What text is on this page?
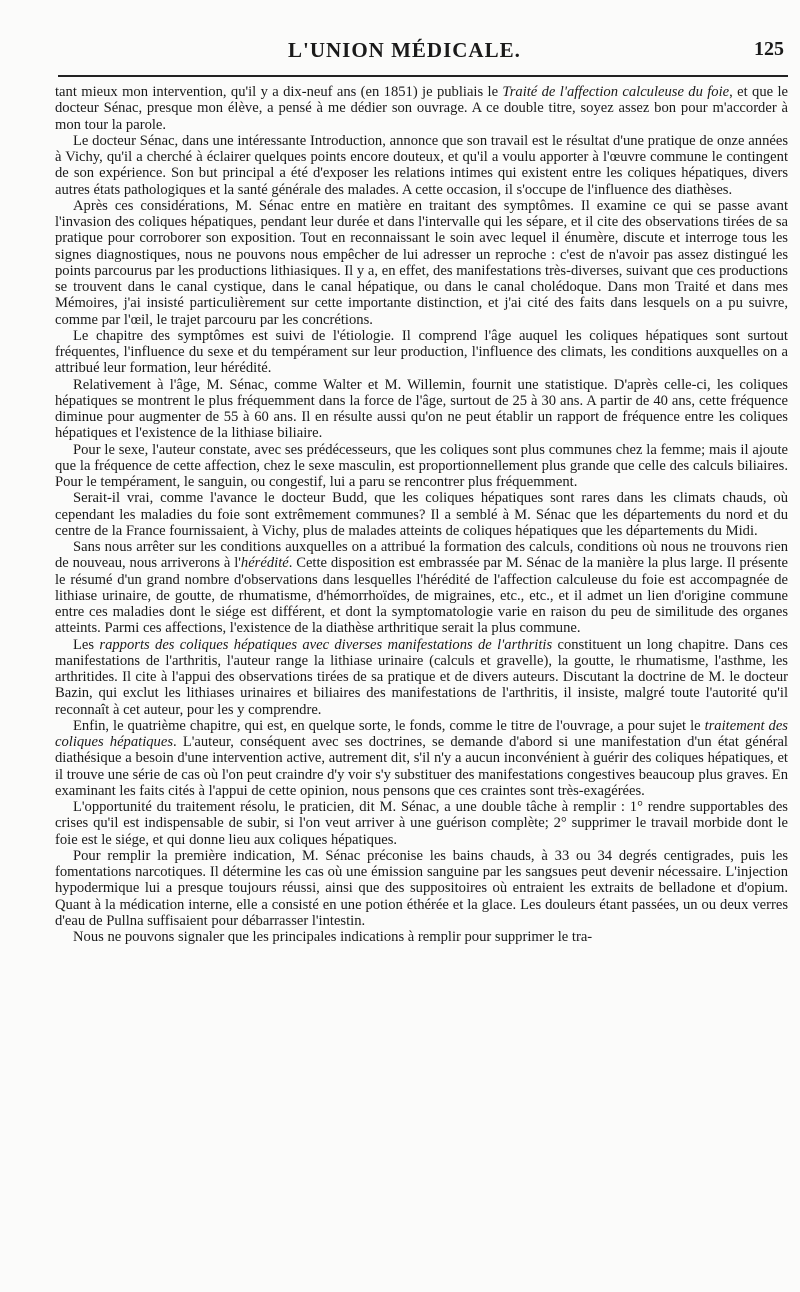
L'UNION MÉDICALE.	125

tant mieux mon intervention, qu'il y a dix-neuf ans (en 1851) je publiais le Traité de l'affection calculeuse du foie, et que le docteur Sénac, presque mon élève, a pensé à me dédier son ouvrage. A ce double titre, soyez assez bon pour m'accorder à mon tour la parole.

Le docteur Sénac, dans une intéressante Introduction, annonce que son travail est le résultat d'une pratique de onze années à Vichy, qu'il a cherché à éclairer quelques points encore douteux, et qu'il a voulu apporter à l'œuvre commune le contingent de son expérience. Son but principal a été d'exposer les relations intimes qui existent entre les coliques hépatiques, divers autres états pathologiques et la santé générale des malades. A cette occasion, il s'occupe de l'influence des diathèses.

Après ces considérations, M. Sénac entre en matière en traitant des symptômes. Il examine ce qui se passe avant l'invasion des coliques hépatiques, pendant leur durée et dans l'intervalle qui les sépare, et il cite des observations tirées de sa pratique pour corroborer son exposition. Tout en reconnaissant le soin avec lequel il énumère, discute et interroge tous les signes diagnostiques, nous ne pouvons nous empêcher de lui adresser un reproche : c'est de n'avoir pas assez distingué les points parcourus par les productions lithiasiques. Il y a, en effet, des manifestations très-diverses, suivant que ces productions se trouvent dans le canal cystique, dans le canal hépatique, ou dans le canal cholédoque. Dans mon Traité et dans mes Mémoires, j'ai insisté particulièrement sur cette importante distinction, et j'ai cité des faits dans lesquels on a pu suivre, comme par l'œil, le trajet parcouru par les concrétions.

Le chapitre des symptômes est suivi de l'étiologie. Il comprend l'âge auquel les coliques hépatiques sont surtout fréquentes, l'influence du sexe et du tempérament sur leur production, l'influence des climats, les conditions auxquelles on a attribué leur formation, leur hérédité.

Relativement à l'âge, M. Sénac, comme Walter et M. Willemin, fournit une statistique. D'après celle-ci, les coliques hépatiques se montrent le plus fréquemment dans la force de l'âge, surtout de 25 à 30 ans. A partir de 40 ans, cette fréquence diminue pour augmenter de 55 à 60 ans. Il en résulte aussi qu'on ne peut établir un rapport de fréquence entre les coliques hépatiques et l'existence de la lithiase biliaire.

Pour le sexe, l'auteur constate, avec ses prédécesseurs, que les coliques sont plus communes chez la femme; mais il ajoute que la fréquence de cette affection, chez le sexe masculin, est proportionnellement plus grande que celle des calculs biliaires. Pour le tempérament, le sanguin, ou congestif, lui a paru se rencontrer plus fréquemment.

Serait-il vrai, comme l'avance le docteur Budd, que les coliques hépatiques sont rares dans les climats chauds, où cependant les maladies du foie sont extrêmement communes? Il a semblé à M. Sénac que les départements du nord et du centre de la France fournissaient, à Vichy, plus de malades atteints de coliques hépatiques que les départements du Midi.

Sans nous arrêter sur les conditions auxquelles on a attribué la formation des calculs, conditions où nous ne trouvons rien de nouveau, nous arriverons à l'hérédité. Cette disposition est embrassée par M. Sénac de la manière la plus large. Il présente le résumé d'un grand nombre d'observations dans lesquelles l'hérédité de l'affection calculeuse du foie est accompagnée de lithiase urinaire, de goutte, de rhumatisme, d'hémorrhoïdes, de migraines, etc., etc., et il admet un lien d'origine commune entre ces maladies dont le siége est différent, et dont la symptomatologie varie en raison du peu de similitude des organes atteints. Parmi ces affections, l'existence de la diathèse arthritique serait la plus commune.

Les rapports des coliques hépatiques avec diverses manifestations de l'arthritis constituent un long chapitre. Dans ces manifestations de l'arthritis, l'auteur range la lithiase urinaire (calculs et gravelle), la goutte, le rhumatisme, l'asthme, les arthritides. Il cite à l'appui des observations tirées de sa pratique et de divers auteurs. Discutant la doctrine de M. le docteur Bazin, qui exclut les lithiases urinaires et biliaires des manifestations de l'arthritis, il insiste, malgré toute l'autorité qu'il reconnaît à cet auteur, pour les y comprendre.

Enfin, le quatrième chapitre, qui est, en quelque sorte, le fonds, comme le titre de l'ouvrage, a pour sujet le traitement des coliques hépatiques. L'auteur, conséquent avec ses doctrines, se demande d'abord si une manifestation d'un état général diathésique a besoin d'une intervention active, autrement dit, s'il n'y a aucun inconvénient à guérir des coliques hépatiques, et il trouve une série de cas où l'on peut craindre d'y voir s'y substituer des manifestations congestives beaucoup plus graves. En examinant les faits cités à l'appui de cette opinion, nous pensons que ces craintes sont très-exagérées.

L'opportunité du traitement résolu, le praticien, dit M. Sénac, a une double tâche à remplir : 1° rendre supportables des crises qu'il est indispensable de subir, si l'on veut arriver à une guérison complète; 2° supprimer le travail morbide dont le foie est le siége, et qui donne lieu aux coliques hépatiques.

Pour remplir la première indication, M. Sénac préconise les bains chauds, à 33 ou 34 degrés centigrades, puis les fomentations narcotiques. Il détermine les cas où une émission sanguine par les sangsues peut devenir nécessaire. L'injection hypodermique lui a presque toujours réussi, ainsi que des suppositoires où entraient les extraits de belladone et d'opium. Quant à la médication interne, elle a consisté en une potion éthérée et la glace. Les douleurs étant passées, un ou deux verres d'eau de Pullna suffisaient pour débarrasser l'intestin.

Nous ne pouvons signaler que les principales indications à remplir pour supprimer le tra-
